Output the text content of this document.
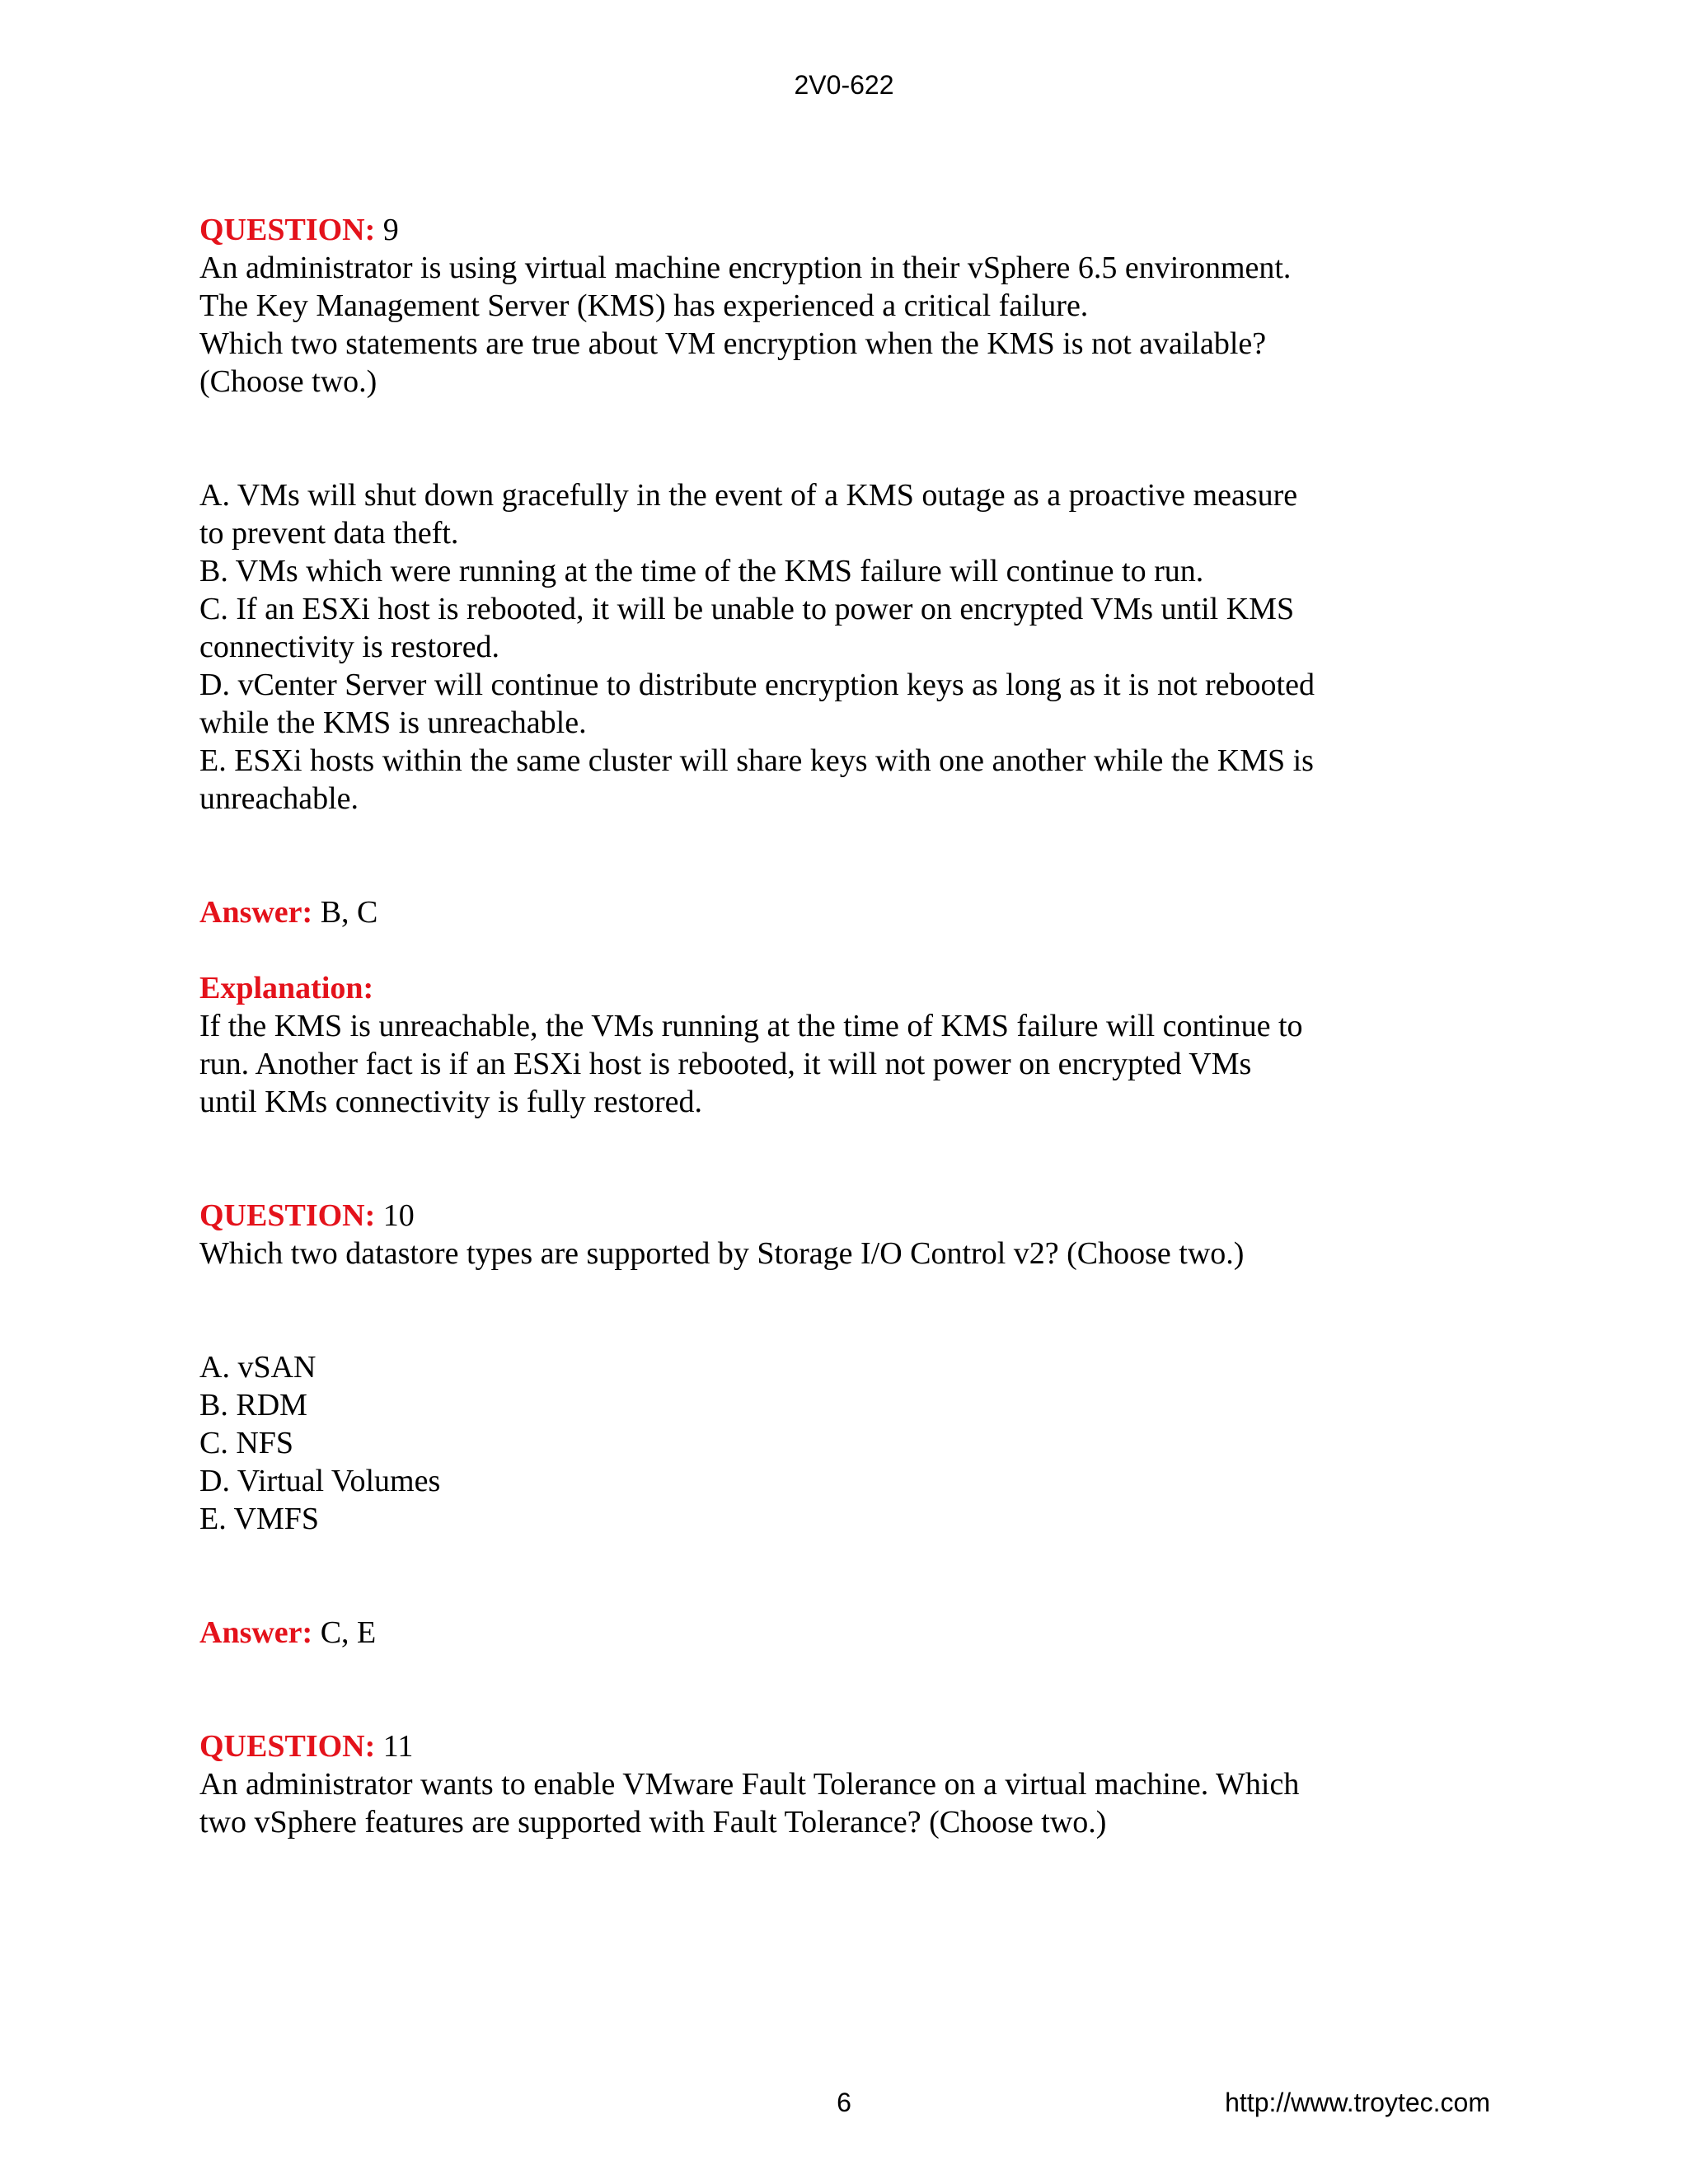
2V0-622
QUESTION: 9
An administrator is using virtual machine encryption in their vSphere 6.5 environment.
The Key Management Server (KMS) has experienced a critical failure.
Which two statements are true about VM encryption when the KMS is not available?
(Choose two.)
A. VMs will shut down gracefully in the event of a KMS outage as a proactive measure
to prevent data theft.
B. VMs which were running at the time of the KMS failure will continue to run.
C. If an ESXi host is rebooted, it will be unable to power on encrypted VMs until KMS
connectivity is restored.
D. vCenter Server will continue to distribute encryption keys as long as it is not rebooted
while the KMS is unreachable.
E. ESXi hosts within the same cluster will share keys with one another while the KMS is
unreachable.
Answer: B, C
Explanation:
If the KMS is unreachable, the VMs running at the time of KMS failure will continue to
run. Another fact is if an ESXi host is rebooted, it will not power on encrypted VMs
until KMs connectivity is fully restored.
QUESTION: 10
Which two datastore types are supported by Storage I/O Control v2? (Choose two.)
A. vSAN
B. RDM
C. NFS
D. Virtual Volumes
E. VMFS
Answer: C, E
QUESTION: 11
An administrator wants to enable VMware Fault Tolerance on a virtual machine. Which
two vSphere features are supported with Fault Tolerance? (Choose two.)
6	http://www.troytec.com
